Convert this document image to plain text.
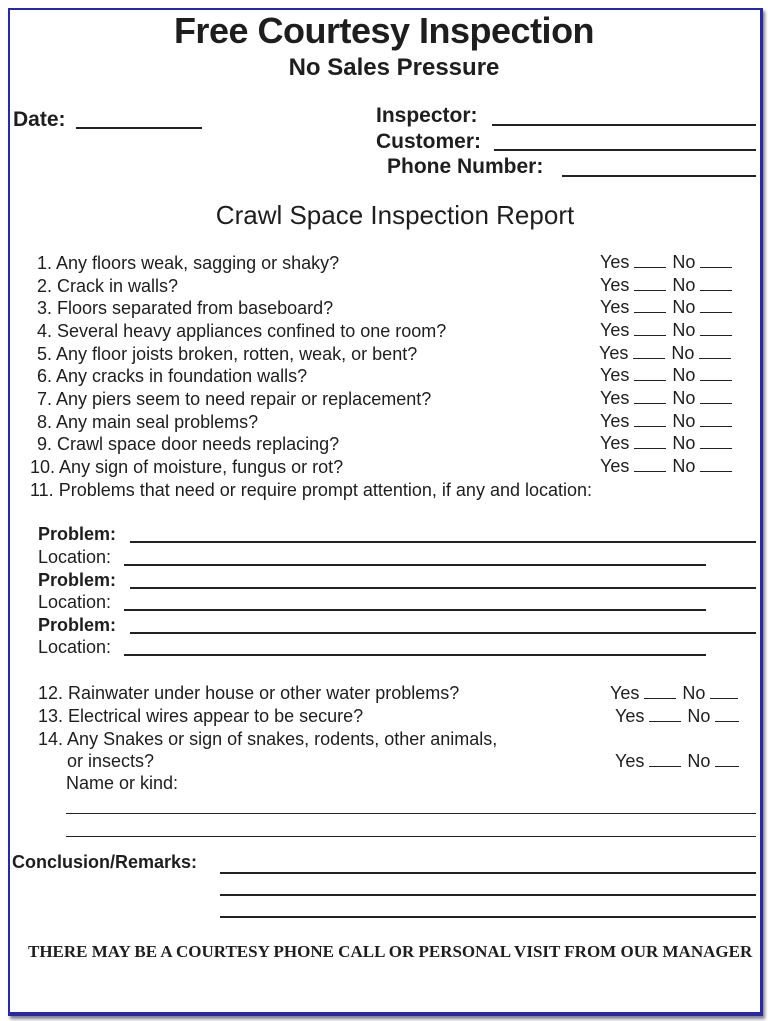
Free Courtesy Inspection
No Sales Pressure
Date:	Inspector:
Customer:
Phone Number:
Crawl Space Inspection Report
1. Any floors weak, sagging or shaky?
2. Crack in walls?
3. Floors separated from baseboard?
4. Several heavy appliances confined to one room?
5. Any floor joists broken, rotten, weak, or bent?
6. Any cracks in foundation walls?
7. Any piers seem to need repair or replacement?
8. Any main seal problems?
9. Crawl space door needs replacing?
10. Any sign of moisture, fungus or rot?
Yes No
Yes No
Yes No
Yes No
Yes No
Yes No
Yes No
Yes No
Yes No
Yes No
11. Problems that need or require prompt attention, if any and location:
Problem:
Location:
Problem:
Location:
Problem:
Location:
12. Rainwater under house or other water problems?
13. Electrical wires appear to be secure?
14. Any Snakes or sign of snakes, rodents, other animals,
or insects?
Name or kind:
Yes No
Yes No
Yes No
Conclusion/Remarks:
THERE MAY BE A COURTESY PHONE CALL OR PERSONAL VISIT FROM OUR MANAGER
